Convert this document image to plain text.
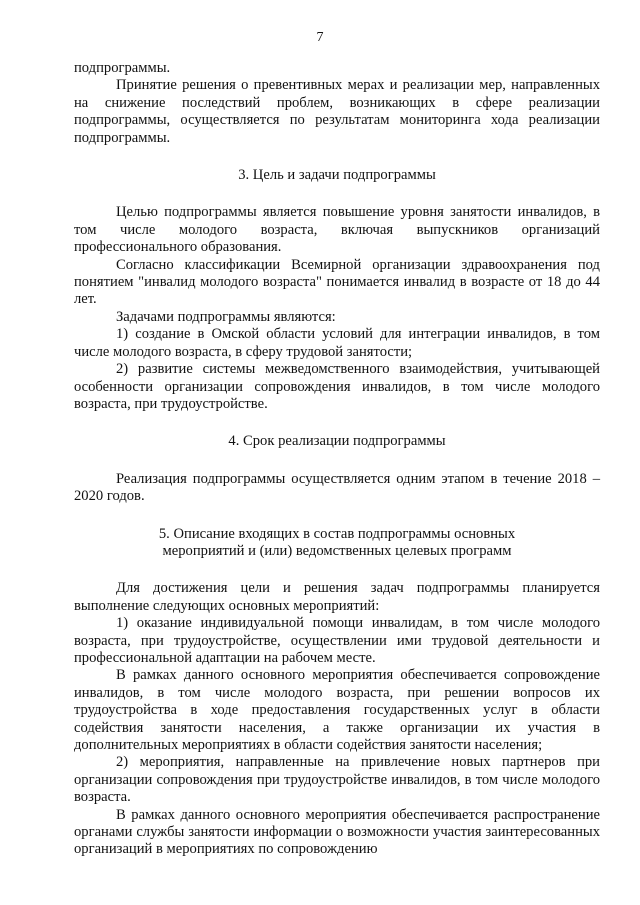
7

подпрограммы.

Принятие решения о превентивных мерах и реализации мер, направленных на снижение последствий проблем, возникающих в сфере реализации подпрограммы, осуществляется по результатам мониторинга хода реализации подпрограммы.

3. Цель и задачи подпрограммы

Целью подпрограммы является повышение уровня занятости инвалидов, в том числе молодого возраста, включая выпускников организаций профессионального образования.

Согласно классификации Всемирной организации здравоохранения под понятием "инвалид молодого возраста" понимается инвалид в возрасте от 18 до 44 лет.

Задачами подпрограммы являются:

1) создание в Омской области условий для интеграции инвалидов, в том числе молодого возраста, в сферу трудовой занятости;

2) развитие системы межведомственного взаимодействия, учитывающей особенности организации сопровождения инвалидов, в том числе молодого возраста, при трудоустройстве.

4. Срок реализации подпрограммы

Реализация подпрограммы осуществляется одним этапом в течение 2018 – 2020 годов.

5. Описание входящих в состав подпрограммы основных
мероприятий и (или) ведомственных целевых программ

Для достижения цели и решения задач подпрограммы планируется выполнение следующих основных мероприятий:

1) оказание индивидуальной помощи инвалидам, в том числе молодого возраста, при трудоустройстве, осуществлении ими трудовой деятельности и профессиональной адаптации на рабочем месте.

В рамках данного основного мероприятия обеспечивается сопровождение инвалидов, в том числе молодого возраста, при решении вопросов их трудоустройства в ходе предоставления государственных услуг в области содействия занятости населения, а также организации их участия в дополнительных мероприятиях в области содействия занятости населения;

2) мероприятия, направленные на привлечение новых партнеров при организации сопровождения при трудоустройстве инвалидов, в том числе молодого возраста.

В рамках данного основного мероприятия обеспечивается распространение органами службы занятости информации о возможности участия заинтересованных организаций в мероприятиях по сопровождению
